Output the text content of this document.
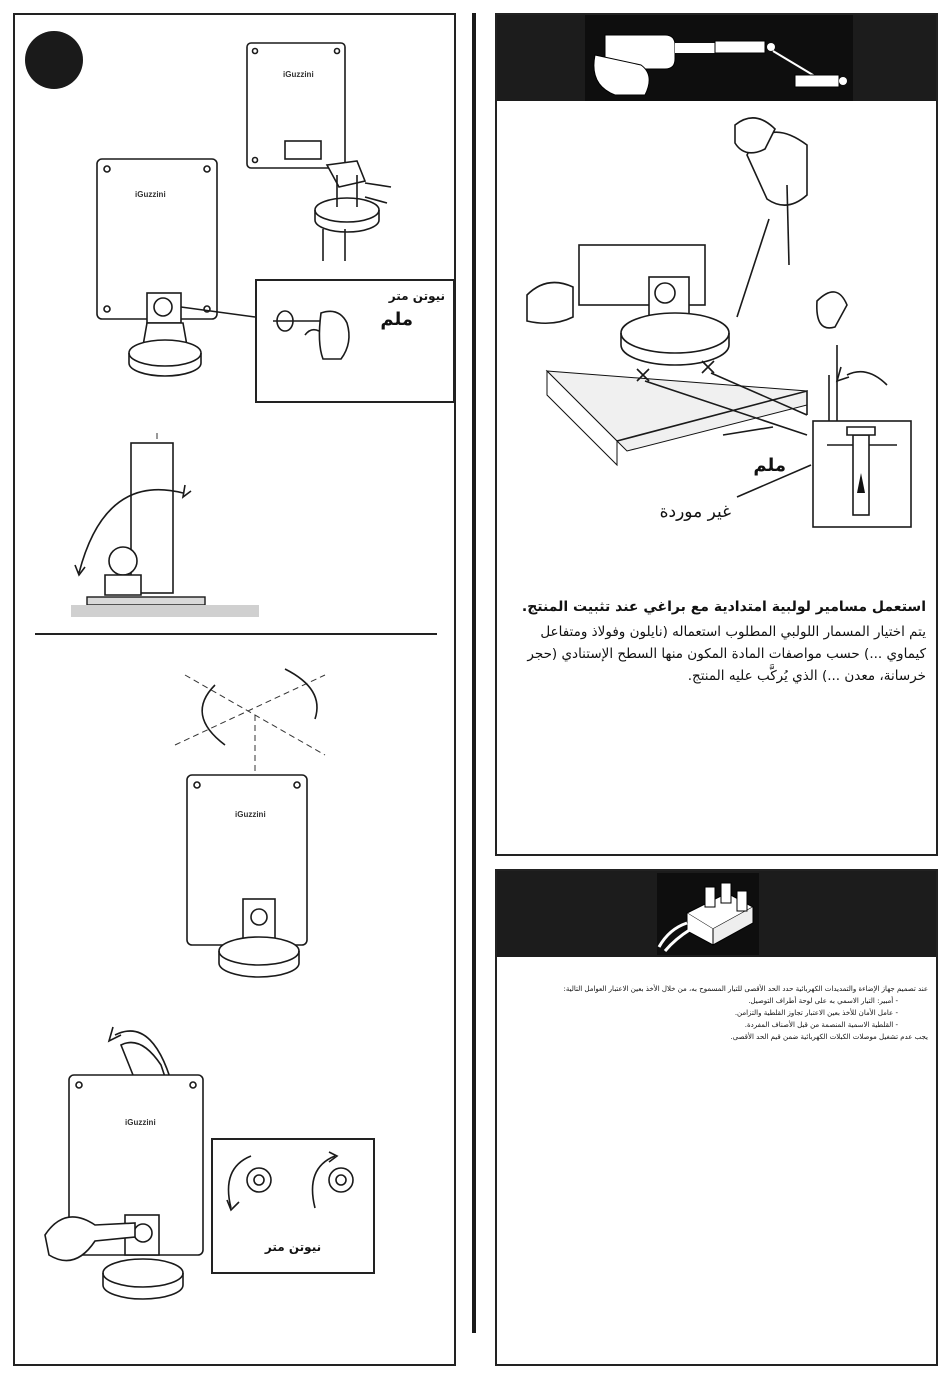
iGuzzini
iGuzzini
نيوتن متر
ملم
iGuzzini
iGuzzini
نيوتن متر
ملم
غير موردة
استعمل مسامير لولبية امتدادية مع براغي عند تثبيت المنتج.
يتم اختيار المسمار اللولبي المطلوب استعماله (نايلون وفولاذ ومتفاعل
كيماوي ...) حسب مواصفات المادة المكون منها السطح الإستنادي (حجر
خرسانة، معدن ...) الذي يُركَّب عليه المنتج.
عند تصميم جهاز الإضاءة والتمديدات الكهربائية حدد الحد الأقصى للتيار المسموح به، من خلال الأخذ بعين الاعتبار العوامل التالية:
- أمبير: التيار الاسمي به على لوحة أطراف التوصيل.
- عامل الأمان للأخذ بعين الاعتبار تجاوز القلطية والتزامن.
- القلطية الاسمية المنصمة من قبل الأصناف المفردة.
يجب عدم تشغيل موصلات الكبلات الكهربائية ضمن قيم الحد الأقصى.
